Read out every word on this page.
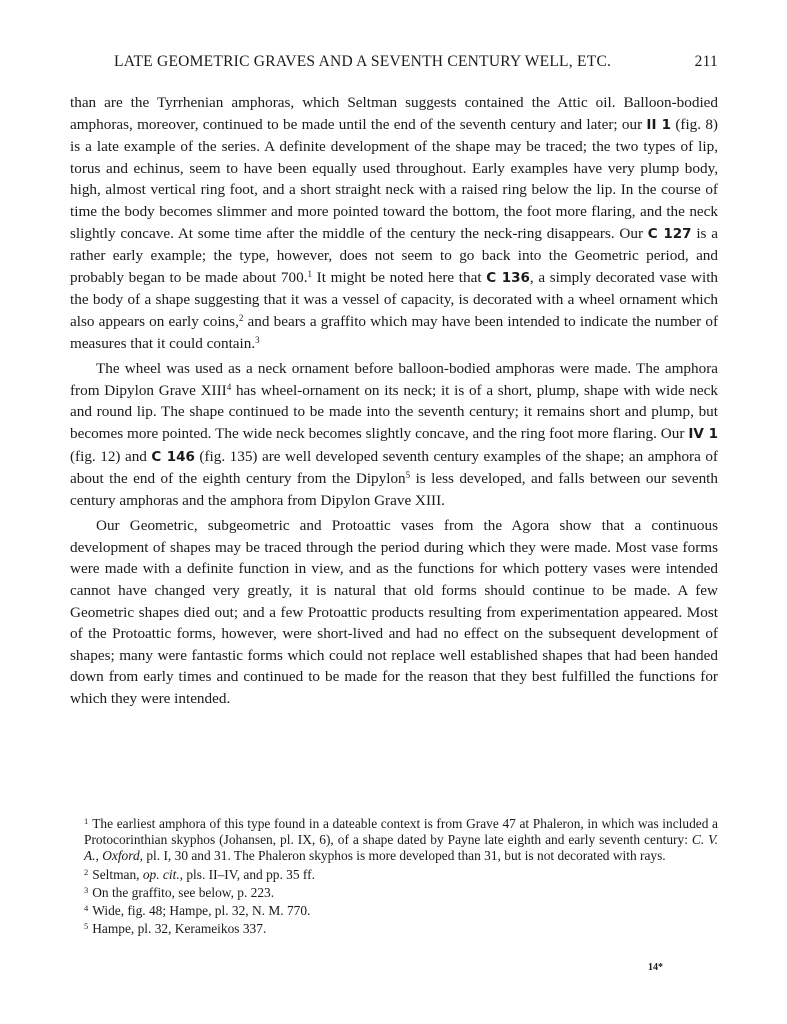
LATE GEOMETRIC GRAVES AND A SEVENTH CENTURY WELL, ETC.	211

than are the Tyrrhenian amphoras, which Seltman suggests contained the Attic oil. Balloon-bodied amphoras, moreover, continued to be made until the end of the seventh century and later; our II 1 (fig. 8) is a late example of the series. A definite development of the shape may be traced; the two types of lip, torus and echinus, seem to have been equally used throughout. Early examples have very plump body, high, almost vertical ring foot, and a short straight neck with a raised ring below the lip. In the course of time the body becomes slimmer and more pointed toward the bottom, the foot more flaring, and the neck slightly concave. At some time after the middle of the century the neck-ring disappears. Our C 127 is a rather early example; the type, however, does not seem to go back into the Geometric period, and probably began to be made about 700.$^1$ It might be noted here that C 136, a simply decorated vase with the body of a shape suggesting that it was a vessel of capacity, is decorated with a wheel ornament which also appears on early coins,$^2$ and bears a graffito which may have been intended to indicate the number of measures that it could contain.$^3$

The wheel was used as a neck ornament before balloon-bodied amphoras were made. The amphora from Dipylon Grave XIII$^4$ has wheel-ornament on its neck; it is of a short, plump, shape with wide neck and round lip. The shape continued to be made into the seventh century; it remains short and plump, but becomes more pointed. The wide neck becomes slightly concave, and the ring foot more flaring. Our IV 1 (fig. 12) and C 146 (fig. 135) are well developed seventh century examples of the shape; an amphora of about the end of the eighth century from the Dipylon$^5$ is less developed, and falls between our seventh century amphoras and the amphora from Dipylon Grave XIII.

Our Geometric, subgeometric and Protoattic vases from the Agora show that a continuous development of shapes may be traced through the period during which they were made. Most vase forms were made with a definite function in view, and as the functions for which pottery vases were intended cannot have changed very greatly, it is natural that old forms should continue to be made. A few Geometric shapes died out; and a few Protoattic products resulting from experimentation appeared. Most of the Protoattic forms, however, were short-lived and had no effect on the subsequent development of shapes; many were fantastic forms which could not replace well established shapes that had been handed down from early times and continued to be made for the reason that they best fulfilled the functions for which they were intended.

$^1$ The earliest amphora of this type found in a dateable context is from Grave 47 at Phaleron, in which was included a Protocorinthian skyphos (Johansen, pl. IX, 6), of a shape dated by Payne late eighth and early seventh century: C. V. A., Oxford, pl. I, 30 and 31. The Phaleron skyphos is more developed than 31, but is not decorated with rays.

$^2$ Seltman, op. cit., pls. II–IV, and pp. 35 ff.

$^3$ On the graffito, see below, p. 223.

$^4$ Wide, fig. 48; Hampe, pl. 32, N. M. 770.

$^5$ Hampe, pl. 32, Kerameikos 337.

14*
